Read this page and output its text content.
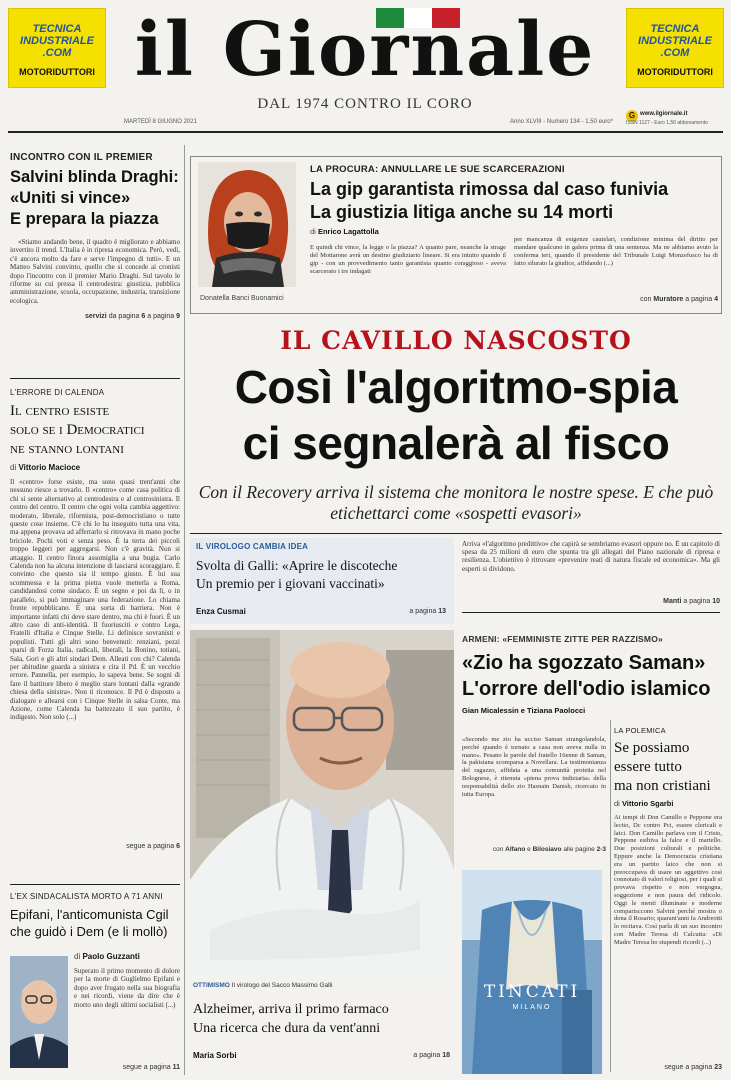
TECNICA
INDUSTRIALE
.COM
MOTORIDUTTORI
TECNICA
INDUSTRIALE
.COM
MOTORIDUTTORI
il Giornale
DAL 1974 CONTRO IL CORO
MARTEDÌ 8 GIUGNO 2021	Anno XLVIII - Numero 134 - 1,50 euro*
G www.ilgiornale.it
ISSN 1127 - Euro 1,50 abbonamento
INCONTRO CON IL PREMIER
Salvini blinda Draghi:
«Uniti si vince»
E prepara la piazza
«Stiamo andando bene, il quadro è migliorato e abbiamo invertito il trend. L'Italia è in ripresa economica. Però, vedi, c'è ancora molto da fare e serve l'impegno di tutti». E un Matteo Salvini convinto, quello che si concede ai cronisti dopo l'incontro con il premier Mario Draghi. Sul tavolo le riforme su cui pressa il centrodestra: giustizia, pubblica amministrazione, scuola, occupazione, industria, transizione ecologica.
servizi da pagina 6 a pagina 9
L'ERRORE DI CALENDA
Il centro esiste
solo se i Democratici
ne stanno lontani
di Vittorio Macioce
Il «centro» forse esiste, ma sono quasi trent'anni che nessuno riesce a trovarlo. Il «centro» come casa politica di chi si sente alternativo al centrodestra e al centrosinistra. Il centro del centro. Il centro che ogni volta cambia aggettivo: moderato, liberale, riformista, post-democristiano o tutte queste cose insieme. C'è chi lo ha inseguito tutta una vita, ma appena provava ad afferrarlo si ritrovava in mano poche briciole. Pochi voti e senza peso. È la terra dei piccoli troppo leggeri per aggregarsi. Non c'è gravità. Non si attaggio. Il centro finora assomiglia a una bugia. Carlo Calenda non ha alcuna intenzione di lasciarsi scoraggiare. È convinto che questo sia il tempo giusto. È lui sua scommessa e la prima pietra vuole metterla a Roma, candidandosi come sindaco. È un segno e poi da lì, o in parallelo, si può immaginare una federazione. Lo chiama fronte repubblicano. È una sorta di barriera. Non è importante infatti chi deve stare dentro, ma chi è fuori. È un altro caso di anti-identità. Il fuoriusciti e contro Lega, Fratelli d'Italia e Cinque Stelle. Li definisce sovranisti e populisti. Tutti gli altri sono benvenuti: renziani, pezzi sparsi di Forza Italia, radicali, liberali, la Bonino, totiani, Sala, Gori e gli altri sindaci Dem. Alleati con chi? Calenda per abitudine guarda a sinistra e cita il Pd. È un vecchio errore. Pannella, per esempio, lo sapeva bene. Se sogni di fare il battitore libero è meglio stare lontani dalla «grande chiesa della sinistra». Non ti riconosce. Il Pd è disposto a dialogare e allearsi con i Cinque Stelle in salsa Conte, ma Azione, come Calenda ha battezzato il suo partito, è indigesto. Non solo (...)
segue a pagina 6
L'EX SINDACALISTA MORTO A 71 ANNI
Epifani, l'anticomunista Cgil
che guidò i Dem (e li mollò)
di Paolo Guzzanti
Superato il primo momento di dolore per la morte di Guglielmo Epifani e dopo aver frugato nella sua biografia e nei ricordi, viene da dire che è morto uno degli ultimi socialisti (...)
segue a pagina 11
Donatella Banci Buonamici
LA PROCURA: ANNULLARE LE SUE SCARCERAZIONI
La gip garantista rimossa dal caso funivia
La giustizia litiga anche su 14 morti
di Enrico Lagattolla
E quindi chi vince, la legge o la piazza? A quanto pare, neanche la strage del Mottarone avrà un destino giudiziario lineare. Si era intuito quando il gip - con un provvedimento tanto garantista quanto coraggioso - aveva scarcerato i tre indagati
per mancanza di esigenze cautelari, condizione minima del diritto per mandare qualcuno in galera prima di una sentenza. Ma ne abbiamo avuto la conferma ieri, quando il presidente del Tribunale Luigi Monzefusco ha di fatto silurato la giudice, affidando (...)
con Muratore a pagina 4
IL CAVILLO NASCOSTO
Così l'algoritmo-spia
ci segnalerà al fisco
Con il Recovery arriva il sistema che monitora le nostre spese. E che può etichettarci come «sospetti evasori»
IL VIROLOGO CAMBIA IDEA
Svolta di Galli: «Aprire le discoteche
Un premio per i giovani vaccinati»
Enza Cusmai	a pagina 13
Arriva «l'algoritmo predittivo» che capirà se sembriamo evasori oppure no. È un capitolo di spesa da 25 milioni di euro che spunta tra gli allegati del Piano nazionale di ripresa e resilienza. L'obiettivo è ritrovare «prevenire reati di natura fiscale ed economica». Ma gli esperti si dividono.
Manti a pagina 10
OTTIMISMO Il virologo del Sacco Massimo Galli
Alzheimer, arriva il primo farmaco
Una ricerca che dura da vent'anni
Maria Sorbi	a pagina 18
ARMENI: «FEMMINISTE ZITTE PER RAZZISMO»
«Zio ha sgozzato Saman»
L'orrore dell'odio islamico
Gian Micalessin e Tiziana Paolocci
«Secondo me zio ha ucciso Saman strangolandola, perché quando è tornato a casa non aveva nulla in mano». Pesano le parole del fratello 16enne di Saman, la pakistana scomparsa a Novellara. La testimonianza del ragazzo, affidata a una comunità protetta nel Bolognese, è ritenuta «piena prova indiziaria» della responsabilità dello zio Hasnain Danish, ricercato in tutta Europa.
con Alfano e Bilosiavo alle pagine 2-3
TINCATI
MILANO
LA POLEMICA
Se possiamo
essere tutto
ma non cristiani
di Vittorio Sgarbi
Ai tempi di Don Camillo e Peppone era lecito, Dc contro Pci, essere clericali e laici. Don Camillo parlava con il Cristo, Peppone esibiva la falce e il martello. Due posizioni culturali e politiche. Eppure anche la Democrazia cristiana era un partito laico che non si preoccupava di usare un aggettivo così connotato di valori religiosi, per i quali si provava rispetto e non vergogna, soggezione e non paura del ridicolo. Oggi le menti illuminate e moderne comparisccono Salvini perché mostra o dona il Rosario; quarant'anni fa Andreotti lo recitava. Così parla di un suo incontro con Madre Teresa di Calcutta: «Di Madre Teresa ho stupendi ricordi (...)
segue a pagina 23
